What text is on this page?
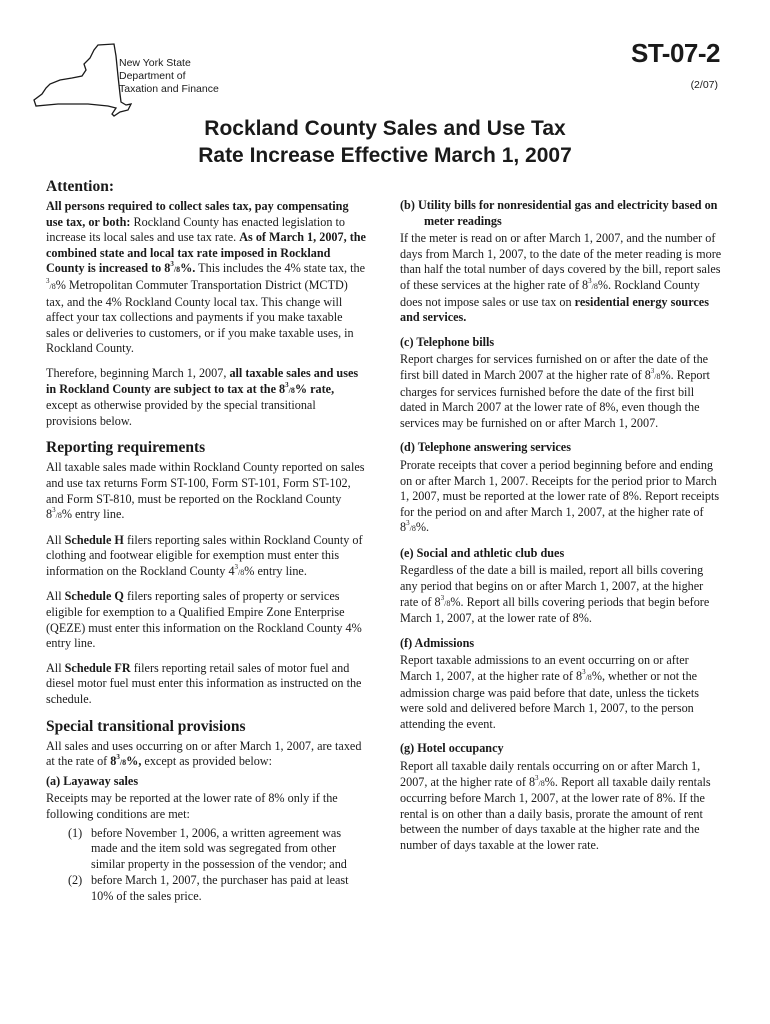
New York State
Department of
Taxation and Finance
ST-07-2
(2/07)
Rockland County Sales and Use Tax
Rate Increase Effective March 1, 2007
Attention:

All persons required to collect sales tax, pay compensating use tax, or both: Rockland County has enacted legislation to increase its local sales and use tax rate. As of March 1, 2007, the combined state and local tax rate imposed in Rockland County is increased to $8^3/8\%$. This includes the 4% state tax, the $^3$/8% Metropolitan Commuter Transportation District (MCTD) tax, and the 4% Rockland County local tax. This change will affect your tax collections and payments if you make taxable sales or deliveries to customers, or if you make taxable uses, in Rockland County.

Therefore, beginning March 1, 2007, all taxable sales and uses in Rockland County are subject to tax at the $8^3/8\%$ rate, except as otherwise provided by the special transitional provisions below.

Reporting requirements

All taxable sales made within Rockland County reported on sales and use tax returns Form ST-100, Form ST-101, Form ST-102, and Form ST-810, must be reported on the Rockland County $8^3/8\%$ entry line.

All Schedule H filers reporting sales within Rockland County of clothing and footwear eligible for exemption must enter this information on the Rockland County $4^3/8\%$ entry line.

All Schedule Q filers reporting sales of property or services eligible for exemption to a Qualified Empire Zone Enterprise (QEZE) must enter this information on the Rockland County 4% entry line.

All Schedule FR filers reporting retail sales of motor fuel and diesel motor fuel must enter this information as instructed on the schedule.

Special transitional provisions

All sales and uses occurring on or after March 1, 2007, are taxed at the rate of $8^3/8\%$, except as provided below:

(a) Layaway sales

Receipts may be reported at the lower rate of 8% only if the following conditions are met:

(1) before November 1, 2006, a written agreement was made and the item sold was segregated from other similar property in the possession of the vendor; and
(2) before March 1, 2007, the purchaser has paid at least 10% of the sales price.
(b) Utility bills for nonresidential gas and electricity based on meter readings

If the meter is read on or after March 1, 2007, and the number of days from March 1, 2007, to the date of the meter reading is more than half the total number of days covered by the bill, report sales of these services at the higher rate of $8^3/8\%$. Rockland County does not impose sales or use tax on residential energy sources and services.

(c) Telephone bills

Report charges for services furnished on or after the date of the first bill dated in March 2007 at the higher rate of $8^3/8\%$. Report charges for services furnished before the date of the first bill dated in March 2007 at the lower rate of 8%, even though the services may be furnished on or after March 1, 2007.

(d) Telephone answering services

Prorate receipts that cover a period beginning before and ending on or after March 1, 2007. Receipts for the period prior to March 1, 2007, must be reported at the lower rate of 8%. Report receipts for the period on and after March 1, 2007, at the higher rate of $8^3/8\%$.

(e) Social and athletic club dues

Regardless of the date a bill is mailed, report all bills covering any period that begins on or after March 1, 2007, at the higher rate of $8^3/8\%$. Report all bills covering periods that begin before March 1, 2007, at the lower rate of 8%.

(f) Admissions

Report taxable admissions to an event occurring on or after March 1, 2007, at the higher rate of $8^3/8\%$, whether or not the admission charge was paid before that date, unless the tickets were sold and delivered before March 1, 2007, to the person attending the event.

(g) Hotel occupancy

Report all taxable daily rentals occurring on or after March 1, 2007, at the higher rate of $8^3/8\%$. Report all taxable daily rentals occurring before March 1, 2007, at the lower rate of 8%. If the rental is on other than a daily basis, prorate the amount of rent between the number of days taxable at the higher rate and the number of days taxable at the lower rate.
